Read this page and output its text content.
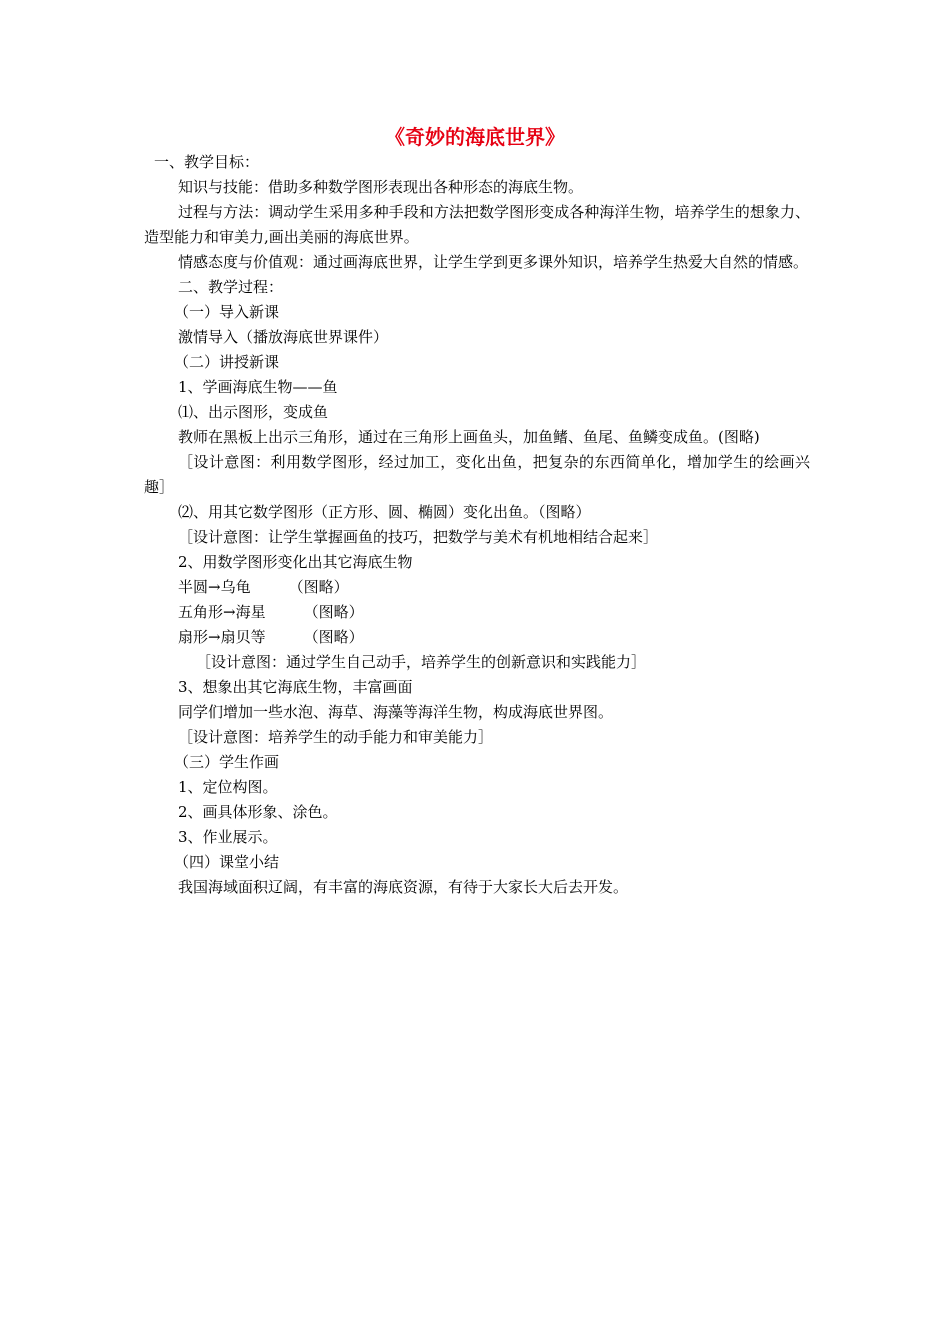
《奇妙的海底世界》
一、教学目标：
知识与技能：借助多种数学图形表现出各种形态的海底生物。
过程与方法：调动学生采用多种手段和方法把数学图形变成各种海洋生物，培养学生的想象力、造型能力和审美力,画出美丽的海底世界。
情感态度与价值观：通过画海底世界，让学生学到更多课外知识，培养学生热爱大自然的情感。
二、教学过程：
（一）导入新课
激情导入（播放海底世界课件）
（二）讲授新课
1、学画海底生物——鱼
⑴、出示图形，变成鱼
教师在黑板上出示三角形，通过在三角形上画鱼头，加鱼鳍、鱼尾、鱼鳞变成鱼。(图略)
［设计意图：利用数学图形，经过加工，变化出鱼，把复杂的东西简单化，增加学生的绘画兴趣］
⑵、用其它数学图形（正方形、圆、椭圆）变化出鱼。（图略）
［设计意图：让学生掌握画鱼的技巧，把数学与美术有机地相结合起来］
2、用数学图形变化出其它海底生物
半圆→乌龟	（图略）
五角形→海星	（图略）
扇形→扇贝等	（图略）
［设计意图：通过学生自己动手，培养学生的创新意识和实践能力］
3、想象出其它海底生物，丰富画面
同学们增加一些水泡、海草、海藻等海洋生物，构成海底世界图。
［设计意图：培养学生的动手能力和审美能力］
（三）学生作画
1、定位构图。
2、画具体形象、涂色。
3、作业展示。
（四）课堂小结
我国海域面积辽阔，有丰富的海底资源，有待于大家长大后去开发。
